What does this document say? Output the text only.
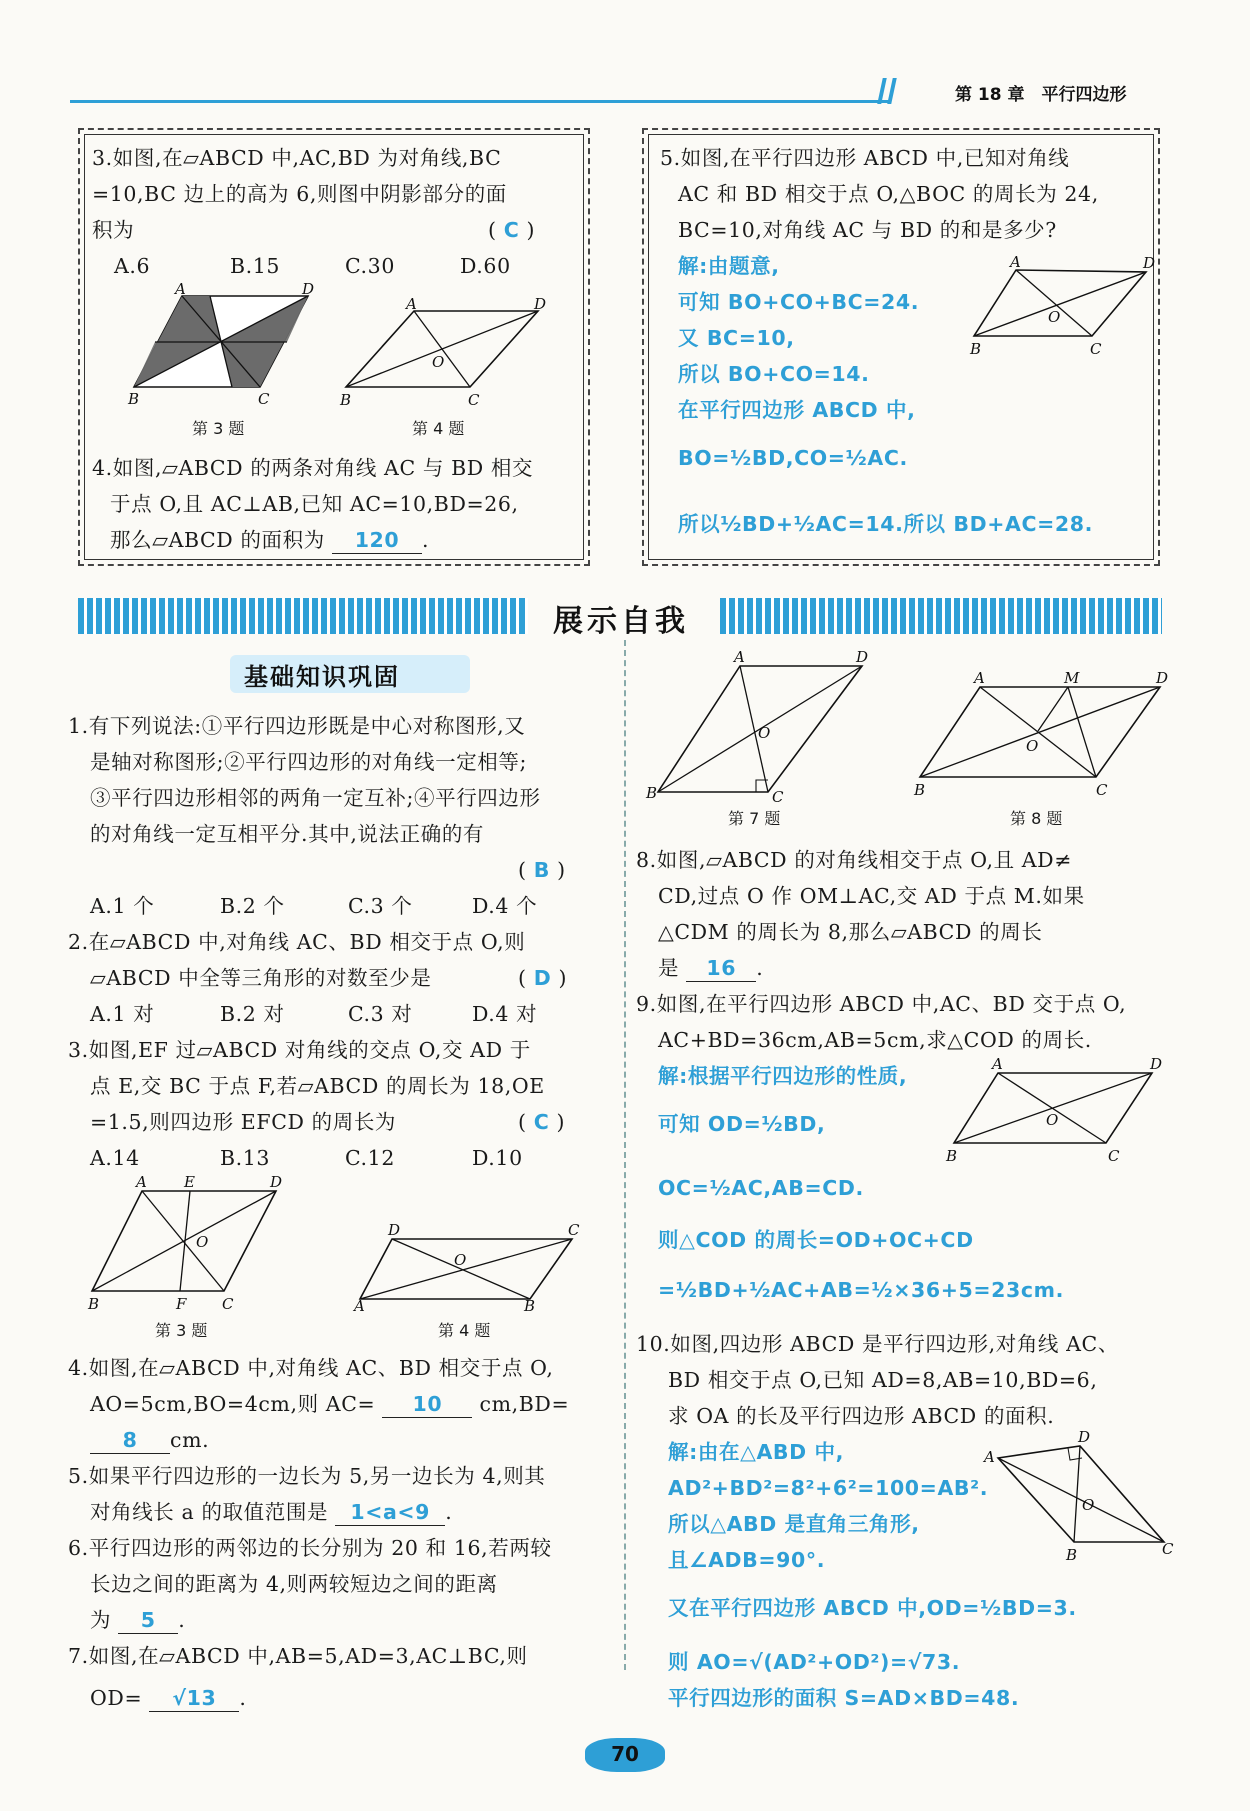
第 18 章　平行四边形
3.如图,在▱ABCD 中,AC,BD 为对角线,BC
=10,BC 边上的高为 6,则图中阴影部分的面
积为	( C )
A.6	B.15	C.30	D.60
A	D
B	C
第 3 题
A	D
B	C
O
第 4 题
4.如图,▱ABCD 的两条对角线 AC 与 BD 相交
于点 O,且 AC⊥AB,已知 AC=10,BD=26,
那么▱ABCD 的面积为 120 .
5.如图,在平行四边形 ABCD 中,已知对角线
AC 和 BD 相交于点 O,△BOC 的周长为 24,
BC=10,对角线 AC 与 BD 的和是多少?
解:由题意,
可知 BO+CO+BC=24.
又 BC=10,
所以 BO+CO=14.
在平行四边形 ABCD 中,
BO=½BD,CO=½AC.
所以½BD+½AC=14.所以 BD+AC=28.
A	D
B	C
O
展示自我
基础知识巩固
1.有下列说法:①平行四边形既是中心对称图形,又
是轴对称图形;②平行四边形的对角线一定相等;
③平行四边形相邻的两角一定互补;④平行四边形
的对角线一定互相平分.其中,说法正确的有
( B )
A.1 个	B.2 个	C.3 个	D.4 个
2.在▱ABCD 中,对角线 AC、BD 相交于点 O,则
▱ABCD 中全等三角形的对数至少是	( D )
A.1 对	B.2 对	C.3 对	D.4 对
3.如图,EF 过▱ABCD 对角线的交点 O,交 AD 于
点 E,交 BC 于点 F,若▱ABCD 的周长为 18,OE
=1.5,则四边形 EFCD 的周长为	( C )
A.14	B.13	C.12	D.10
A E	D
B	F C
O
第 3 题
D	C
A	B
O
第 4 题
4.如图,在▱ABCD 中,对角线 AC、BD 相交于点 O,
AO=5cm,BO=4cm,则 AC= 10 cm,BD=
8 cm.
5.如果平行四边形的一边长为 5,另一边长为 4,则其
对角线长 a 的取值范围是 1<a<9 .
6.平行四边形的两邻边的长分别为 20 和 16,若两较
长边之间的距离为 4,则两较短边之间的距离
为 5 .
7.如图,在▱ABCD 中,AB=5,AD=3,AC⊥BC,则
OD= √13 .
A	D
B	C
O
第 7 题
A	M	D
B	C
O
第 8 题
8.如图,▱ABCD 的对角线相交于点 O,且 AD≠
CD,过点 O 作 OM⊥AC,交 AD 于点 M.如果
△CDM 的周长为 8,那么▱ABCD 的周长
是 16 .
9.如图,在平行四边形 ABCD 中,AC、BD 交于点 O,
AC+BD=36cm,AB=5cm,求△COD 的周长.
解:根据平行四边形的性质,
可知 OD=½BD,
OC=½AC,AB=CD.
则△COD 的周长=OD+OC+CD
=½BD+½AC+AB=½×36+5=23cm.
A	D
B	C
O
10.如图,四边形 ABCD 是平行四边形,对角线 AC、
BD 相交于点 O,已知 AD=8,AB=10,BD=6,
求 OA 的长及平行四边形 ABCD 的面积.
解:由在△ABD 中,
AD²+BD²=8²+6²=100=AB².
所以△ABD 是直角三角形,
且∠ADB=90°.
又在平行四边形 ABCD 中,OD=½BD=3.
则 AO=√(AD²+OD²)=√73.
平行四边形的面积 S=AD×BD=48.
A
D
B	C
O
70
